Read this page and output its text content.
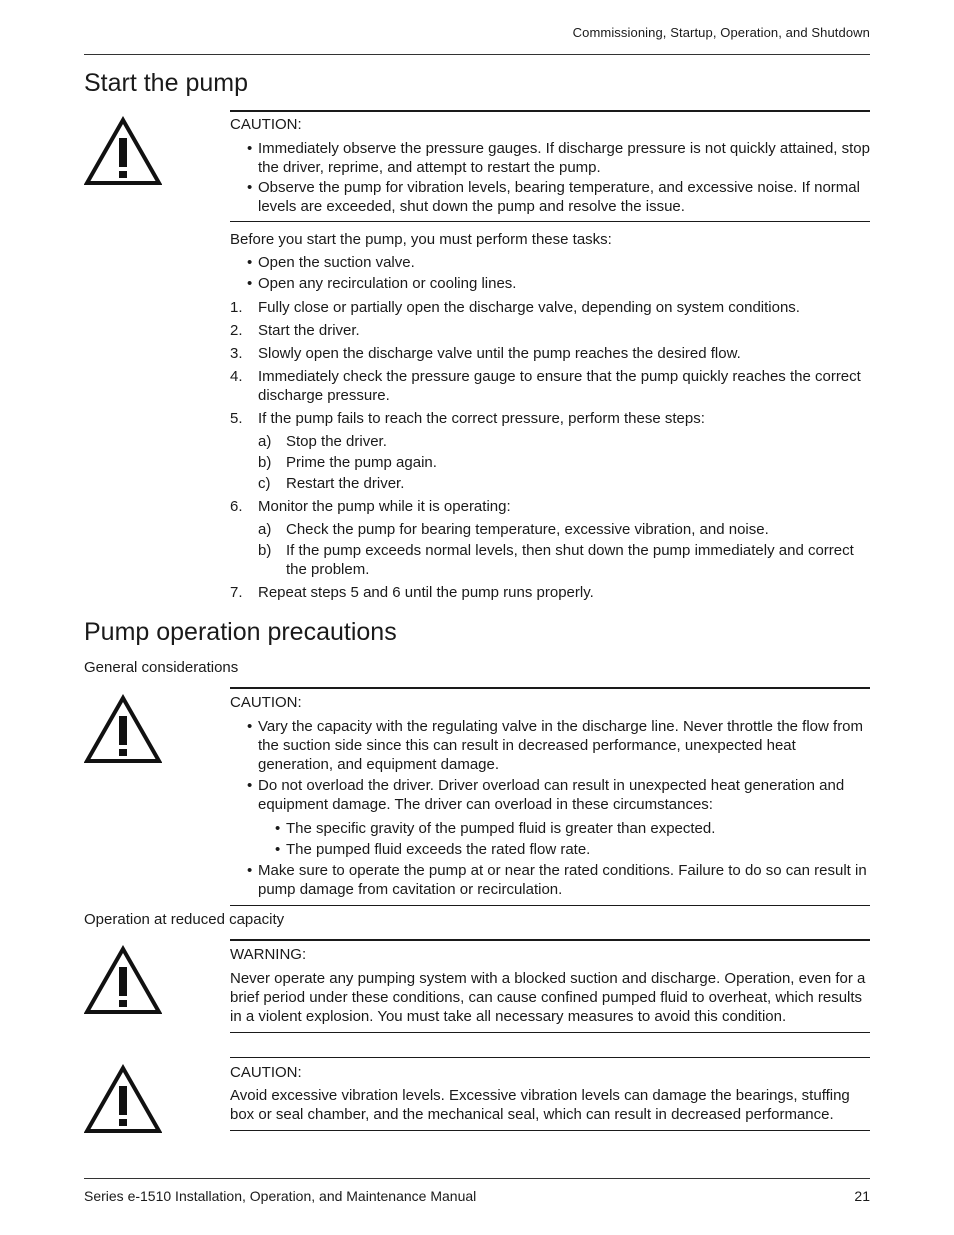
Commissioning, Startup, Operation, and Shutdown
Start the pump

CAUTION:

• Immediately observe the pressure gauges. If discharge pressure is not quickly attained, stop the driver, reprime, and attempt to restart the pump.
• Observe the pump for vibration levels, bearing temperature, and excessive noise. If normal levels are exceeded, shut down the pump and resolve the issue.

Before you start the pump, you must perform these tasks:

• Open the suction valve.
• Open any recirculation or cooling lines.
1. Fully close or partially open the discharge valve, depending on system conditions.
2. Start the driver.
3. Slowly open the discharge valve until the pump reaches the desired flow.
4. Immediately check the pressure gauge to ensure that the pump quickly reaches the correct discharge pressure.
5. If the pump fails to reach the correct pressure, perform these steps:
a) Stop the driver.
b) Prime the pump again.
c) Restart the driver.
6. Monitor the pump while it is operating:
a) Check the pump for bearing temperature, excessive vibration, and noise.
b) If the pump exceeds normal levels, then shut down the pump immediately and correct the problem.
7. Repeat steps 5 and 6 until the pump runs properly.
Pump operation precautions

General considerations

CAUTION:

• Vary the capacity with the regulating valve in the discharge line. Never throttle the flow from the suction side since this can result in decreased performance, unexpected heat generation, and equipment damage.
• Do not overload the driver. Driver overload can result in unexpected heat generation and equipment damage. The driver can overload in these circumstances:
• The specific gravity of the pumped fluid is greater than expected.
• The pumped fluid exceeds the rated flow rate.
• Make sure to operate the pump at or near the rated conditions. Failure to do so can result in pump damage from cavitation or recirculation.

Operation at reduced capacity

WARNING:

Never operate any pumping system with a blocked suction and discharge. Operation, even for a brief period under these conditions, can cause confined pumped fluid to overheat, which results in a violent explosion. You must take all necessary measures to avoid this condition.

CAUTION:

Avoid excessive vibration levels. Excessive vibration levels can damage the bearings, stuffing box or seal chamber, and the mechanical seal, which can result in decreased performance.

Series e-1510 Installation, Operation, and Maintenance Manual	21
